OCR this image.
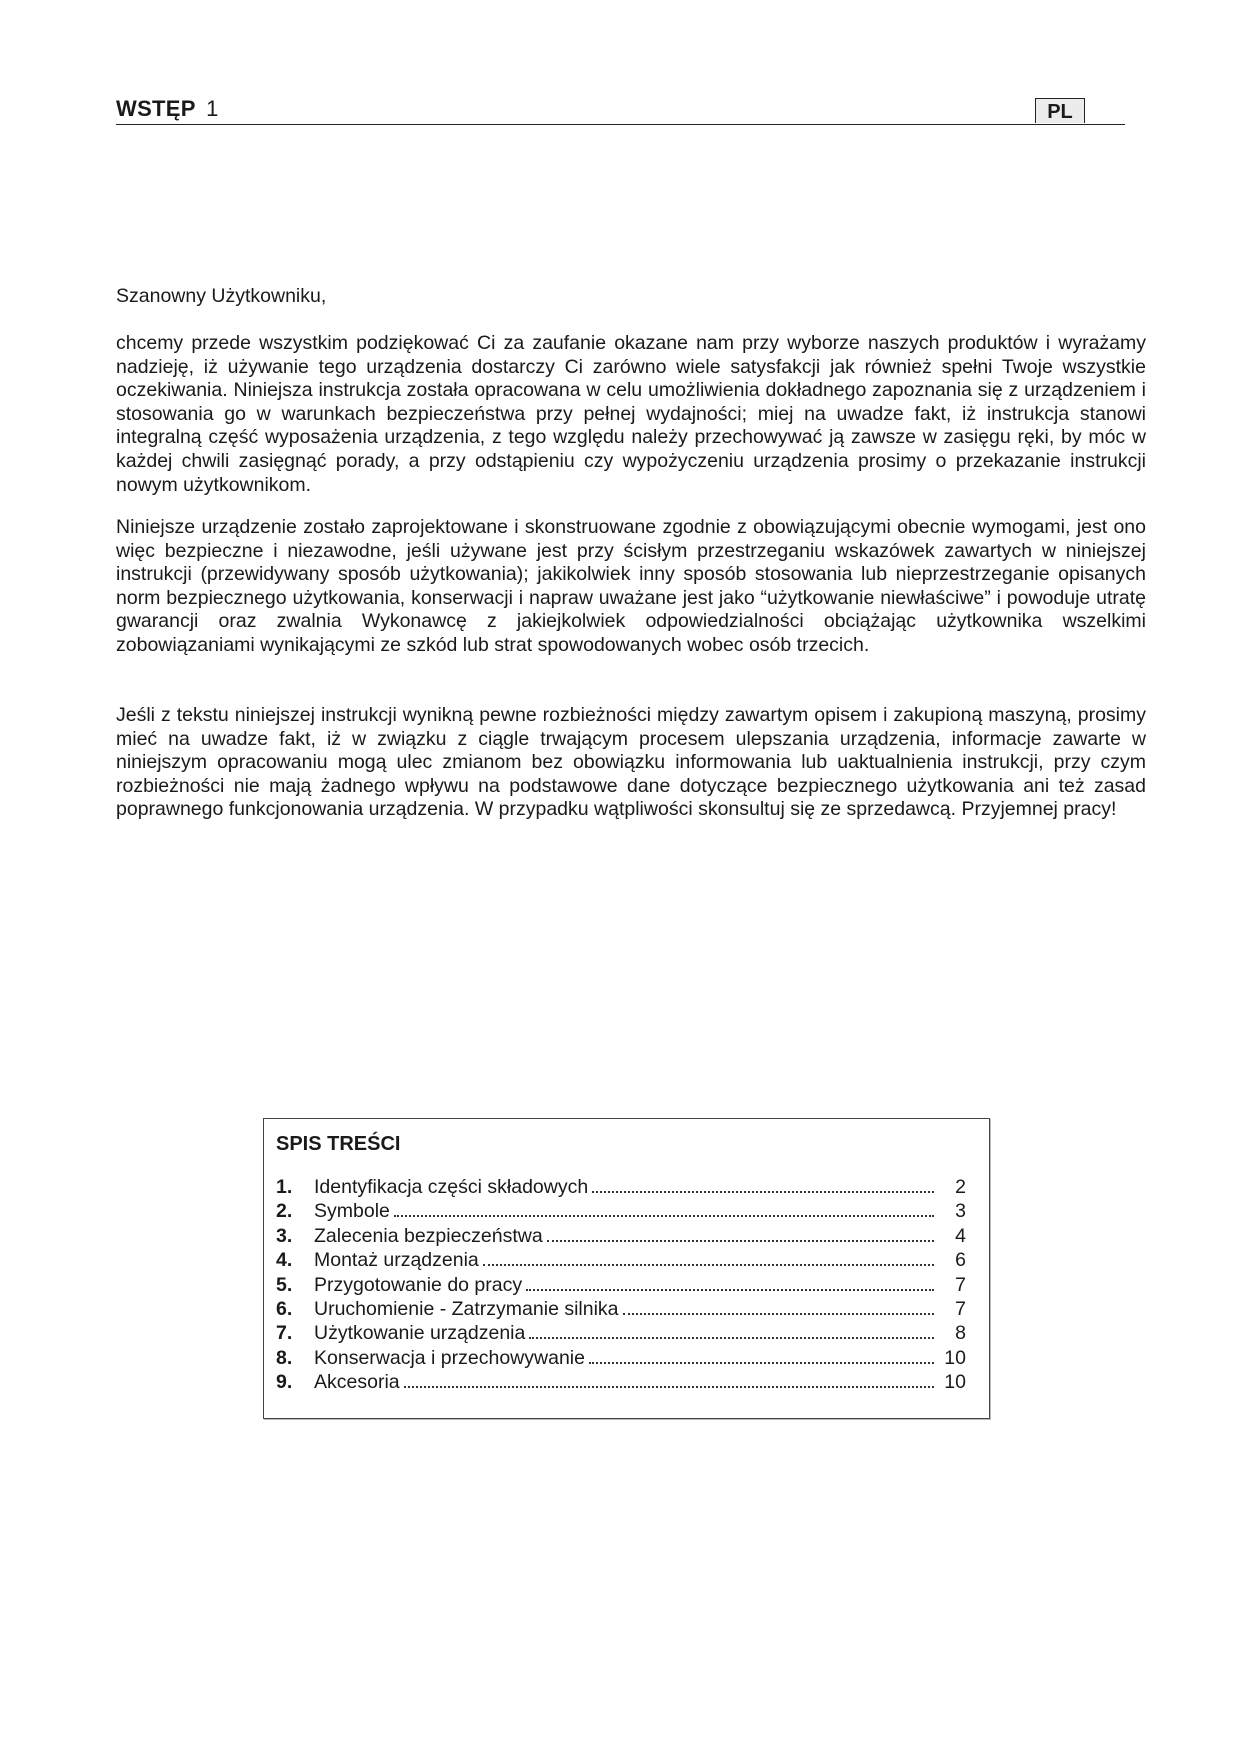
WSTĘP 1	PL
Szanowny Użytkowniku,

chcemy przede wszystkim podziękować Ci za zaufanie okazane nam przy wyborze naszych produktów i wyrażamy nadzieję, iż używanie tego urządzenia dostarczy Ci zarówno wiele satysfakcji jak również spełni Twoje wszystkie oczekiwania. Niniejsza instrukcja została opracowana w celu umożliwienia dokładnego zapoznania się z urządzeniem i stosowania go w warunkach bezpieczeństwa przy pełnej wydajności; miej na uwadze fakt, iż instrukcja stanowi integralną część wyposażenia urządzenia, z tego względu należy przechowywać ją zawsze w zasięgu ręki, by móc w każdej chwili zasięgnąć porady, a przy odstąpieniu czy wypożyczeniu urządzenia prosimy o przekazanie instrukcji nowym użytkownikom.

Niniejsze urządzenie zostało zaprojektowane i skonstruowane zgodnie z obowiązującymi obecnie wymogami, jest ono więc bezpieczne i niezawodne, jeśli używane jest przy ścisłym przestrzeganiu wskazówek zawartych w niniejszej instrukcji (przewidywany sposób użytkowania); jakikolwiek inny sposób stosowania lub nieprzestrzeganie opisanych norm bezpiecznego użytkowania, konserwacji i napraw uważane jest jako “użytkowanie niewłaściwe” i powoduje utratę gwarancji oraz zwalnia Wykonawcę z jakiejkolwiek odpowiedzialności obciążając użytkownika wszelkimi zobowiązaniami wynikającymi ze szkód lub strat spowodowanych wobec osób trzecich.

Jeśli z tekstu niniejszej instrukcji wynikną pewne rozbieżności między zawartym opisem i zakupioną maszyną, prosimy mieć na uwadze fakt, iż w związku z ciągle trwającym procesem ulepszania urządzenia, informacje zawarte w niniejszym opracowaniu mogą ulec zmianom bez obowiązku informowania lub uaktualnienia instrukcji, przy czym rozbieżności nie mają żadnego wpływu na podstawowe dane dotyczące bezpiecznego użytkowania ani też zasad poprawnego funkcjonowania urządzenia. W przypadku wątpliwości skonsultuj się ze sprzedawcą. Przyjemnej pracy!

SPIS TREŚCI
1.	Identyfikacja części składowych	2
2.	Symbole	3
3.	Zalecenia bezpieczeństwa	4
4.	Montaż urządzenia	6
5.	Przygotowanie do pracy	7
6.	Uruchomienie - Zatrzymanie silnika	7
7.	Użytkowanie urządzenia	8
8.	Konserwacja i przechowywanie	10
9.	Akcesoria	10
